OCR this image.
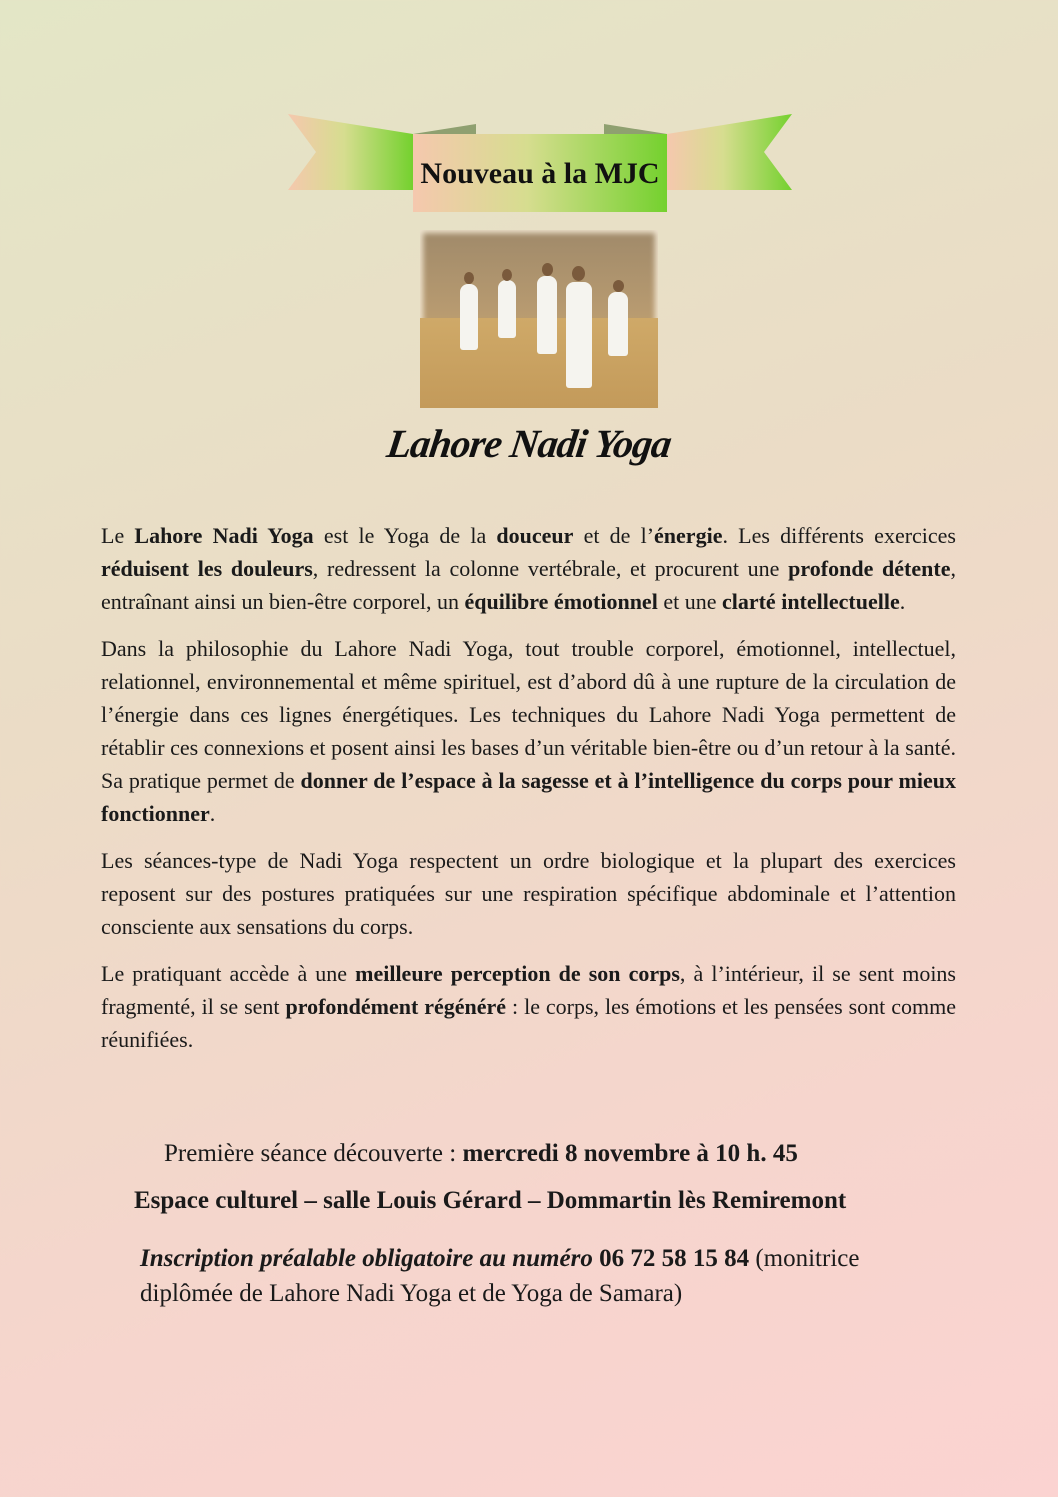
Nouveau à la MJC
Lahore Nadi Yoga

Le Lahore Nadi Yoga est le Yoga de la douceur et de l’énergie. Les différents exercices réduisent les douleurs, redressent la colonne vertébrale, et procurent une profonde détente, entraînant ainsi un bien-être corporel, un équilibre émotionnel et une clarté intellectuelle.

Dans la philosophie du Lahore Nadi Yoga, tout trouble corporel, émotionnel, intellectuel, relationnel, environnemental et même spirituel, est d’abord dû à une rupture de la circulation de l’énergie dans ces lignes énergétiques. Les techniques du Lahore Nadi Yoga permettent de rétablir ces connexions et posent ainsi les bases d’un véritable bien-être ou d’un retour à la santé. Sa pratique permet de donner de l’espace à la sagesse et à l’intelligence du corps pour mieux fonctionner.

Les séances-type de Nadi Yoga respectent un ordre biologique et la plupart des exercices reposent sur des postures pratiquées sur une respiration spécifique abdominale et l’attention consciente aux sensations du corps.

Le pratiquant accède à une meilleure perception de son corps, à l’intérieur, il se sent moins fragmenté, il se sent profondément régénéré : le corps, les émotions et les pensées sont comme réunifiées.

Première séance découverte : mercredi 8 novembre à 10 h. 45
Espace culturel – salle Louis Gérard – Dommartin lès Remiremont
Inscription préalable obligatoire au numéro 06 72 58 15 84 (monitrice diplômée de Lahore Nadi Yoga et de Yoga de Samara)
